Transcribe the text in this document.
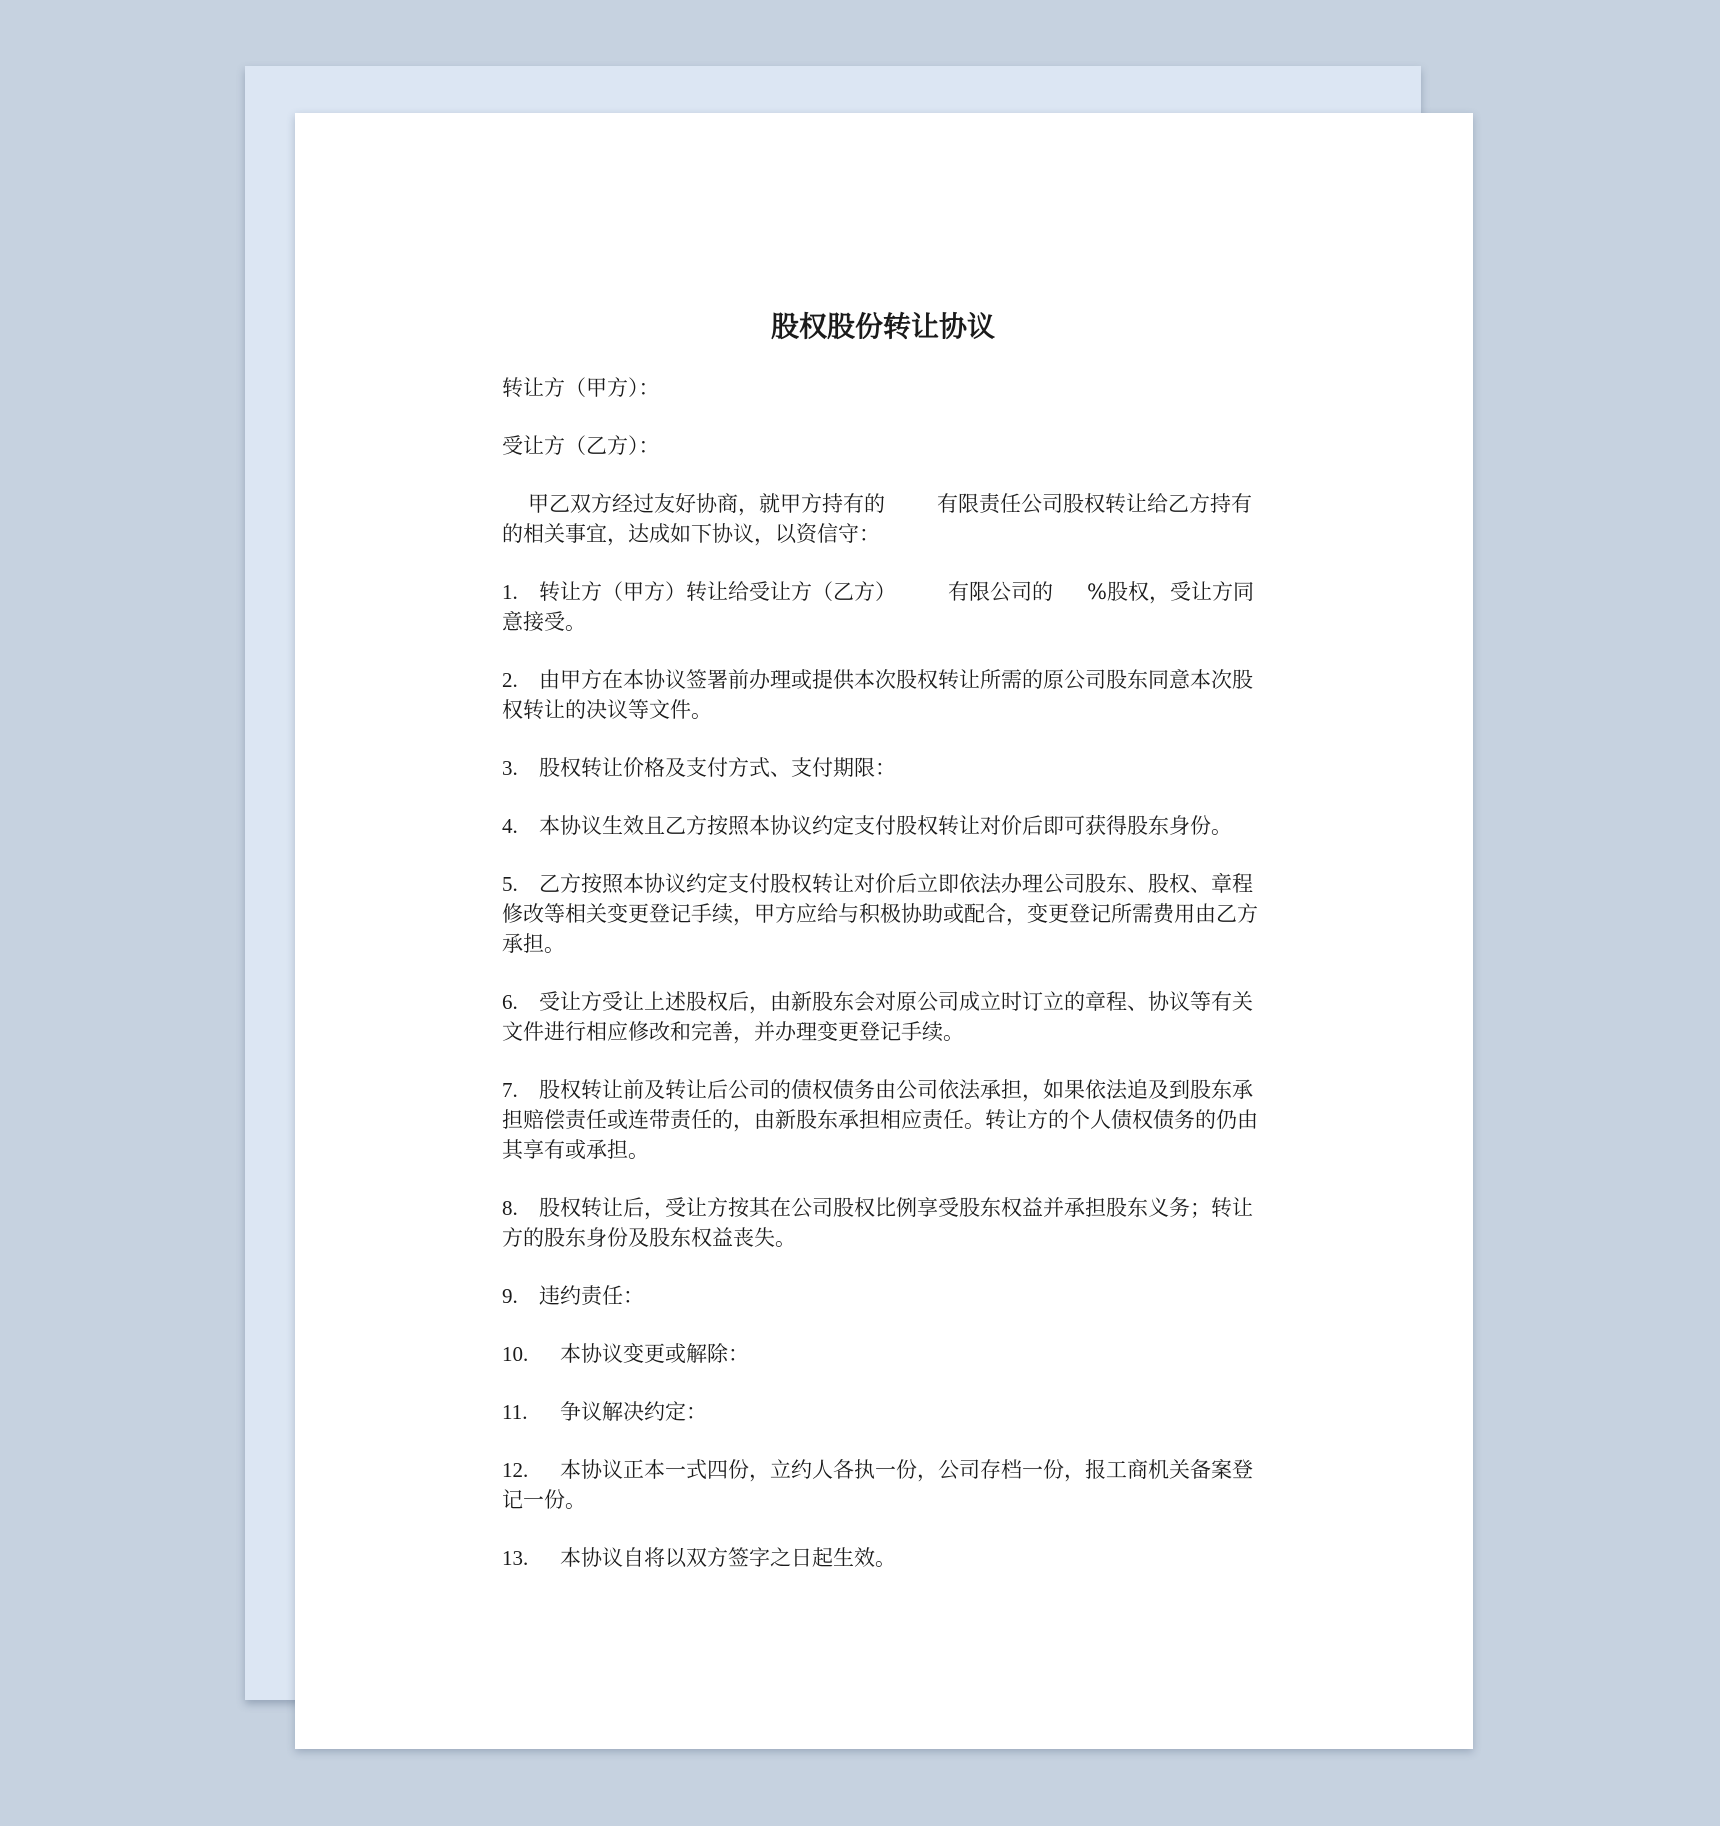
股权股份转让协议
转让方（甲方）：
受让方（乙方）：
甲乙双方经过友好协商，就甲方持有的 有限责任公司股权转让给乙方持有的相关事宜，达成如下协议，以资信守：
1. 转让方（甲方）转让给受让方（乙方） 有限公司的 %股权，受让方同意接受。
2. 由甲方在本协议签署前办理或提供本次股权转让所需的原公司股东同意本次股权转让的决议等文件。
3. 股权转让价格及支付方式、支付期限：
4. 本协议生效且乙方按照本协议约定支付股权转让对价后即可获得股东身份。
5. 乙方按照本协议约定支付股权转让对价后立即依法办理公司股东、股权、章程修改等相关变更登记手续，甲方应给与积极协助或配合，变更登记所需费用由乙方承担。
6. 受让方受让上述股权后，由新股东会对原公司成立时订立的章程、协议等有关文件进行相应修改和完善，并办理变更登记手续。
7. 股权转让前及转让后公司的债权债务由公司依法承担，如果依法追及到股东承担赔偿责任或连带责任的，由新股东承担相应责任。转让方的个人债权债务的仍由其享有或承担。
8. 股权转让后，受让方按其在公司股权比例享受股东权益并承担股东义务；转让方的股东身份及股东权益丧失。
9. 违约责任：
10. 本协议变更或解除：
11. 争议解决约定：
12. 本协议正本一式四份，立约人各执一份，公司存档一份，报工商机关备案登记一份。
13. 本协议自将以双方签字之日起生效。
